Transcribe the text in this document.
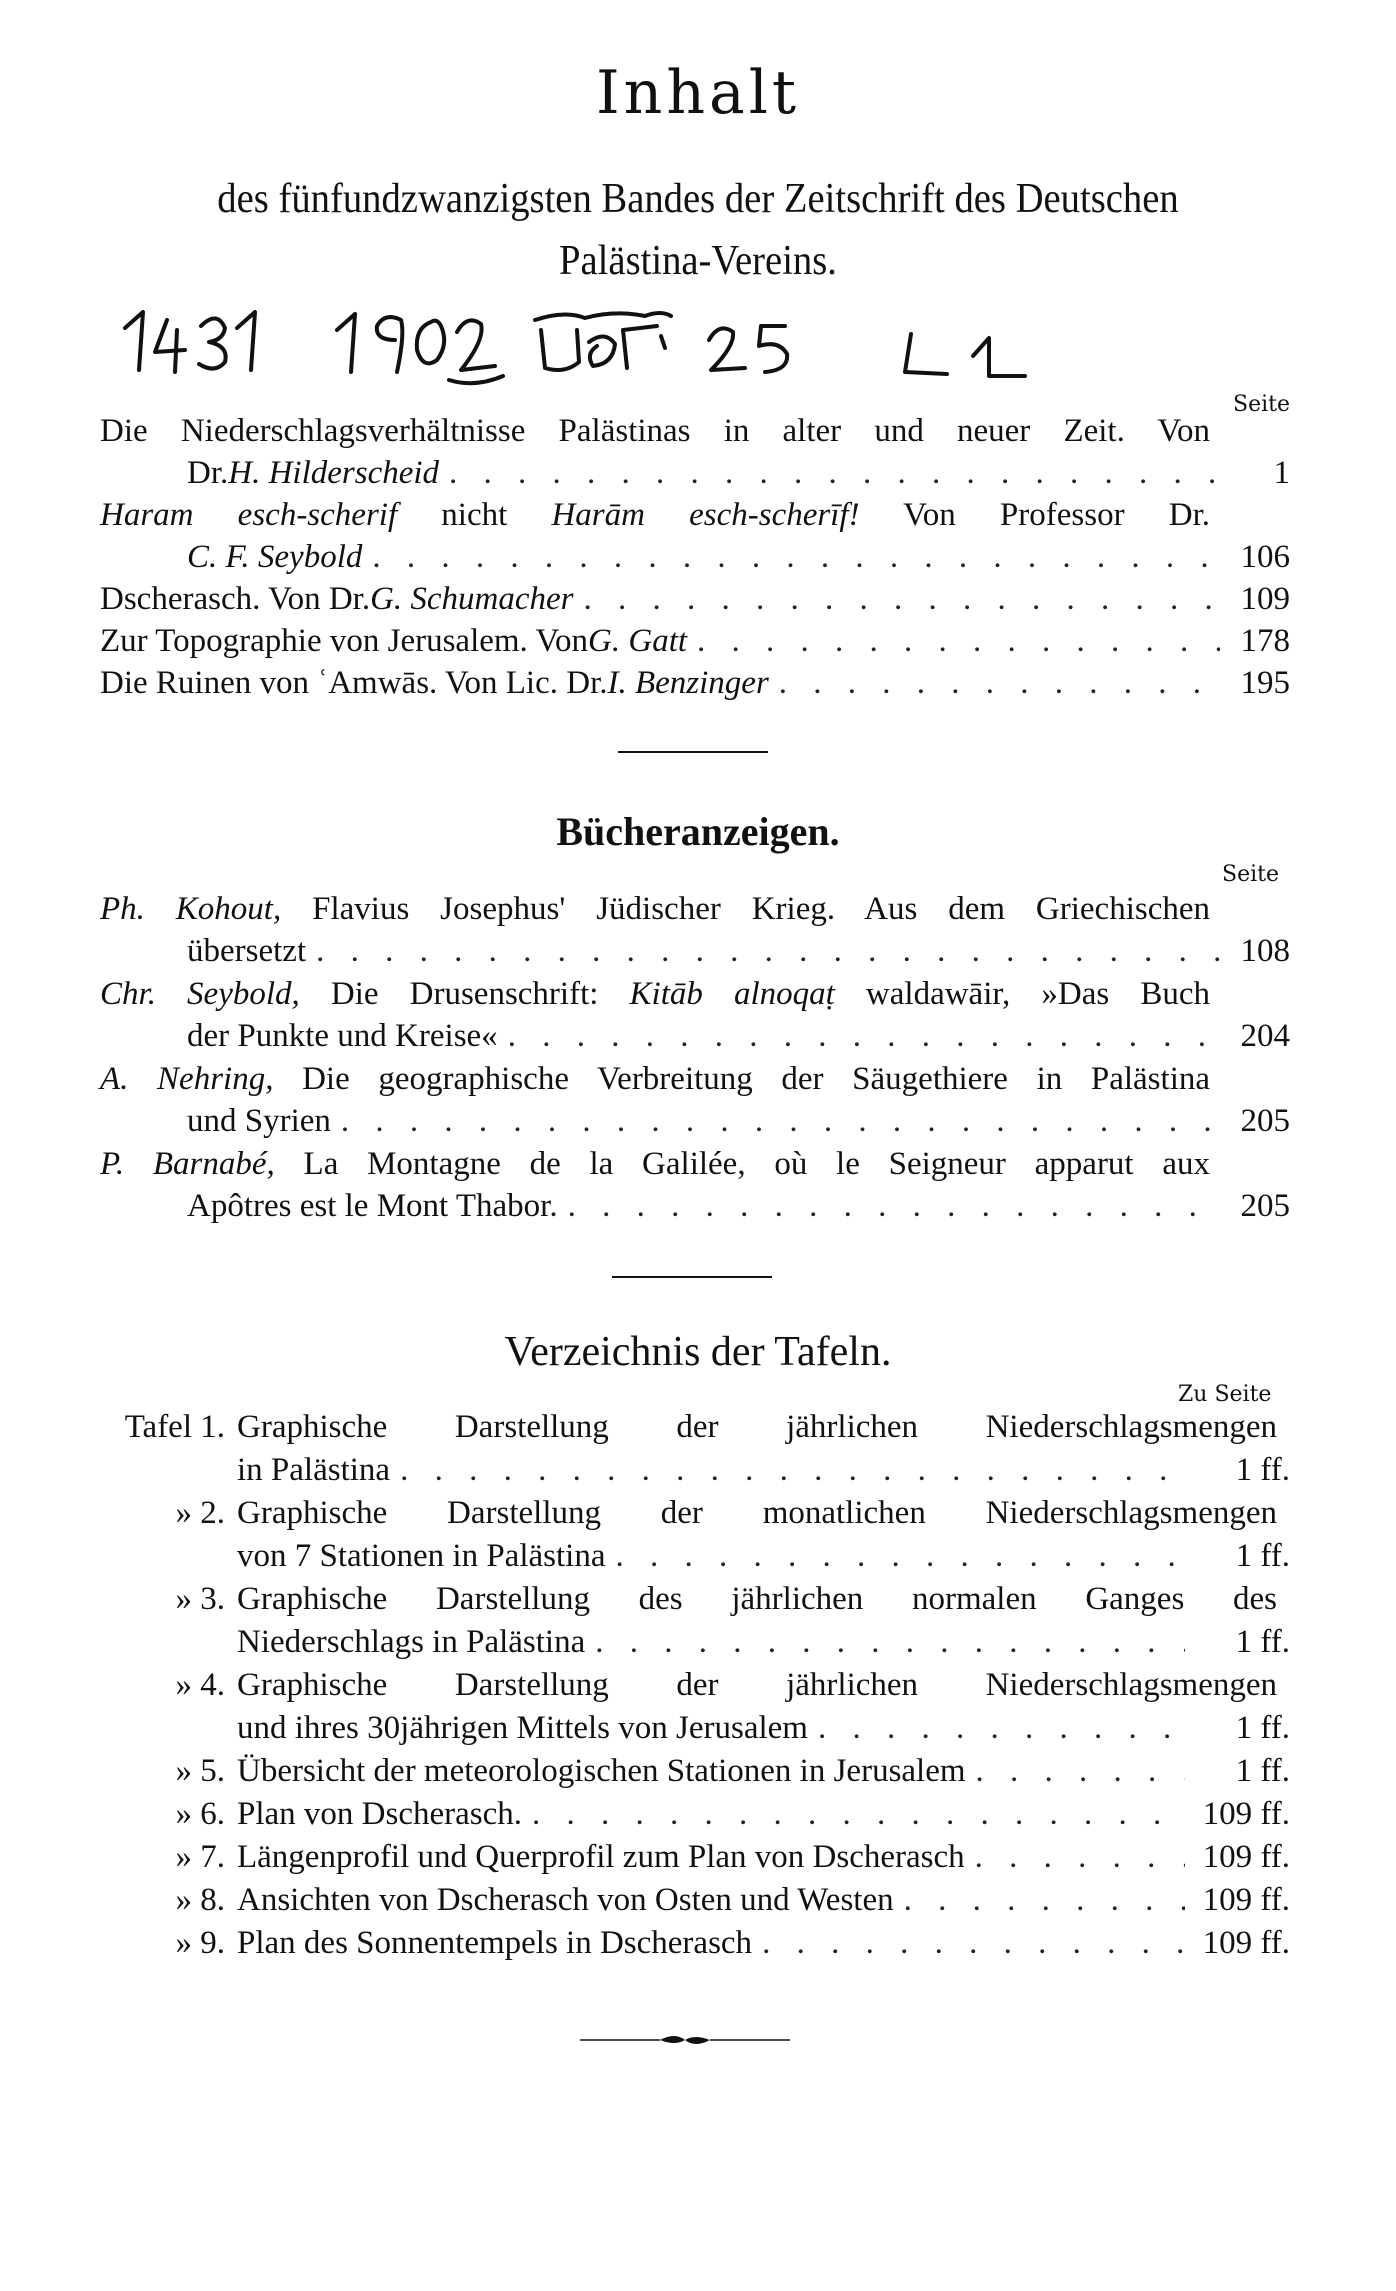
Inhalt
des fünfundzwanzigsten Bandes der Zeitschrift des Deutschen
Palästina-Vereins.
Seite
Die Niederschlagsverhältnisse Palästinas in alter und neuer Zeit. Von
Dr. H. Hilderscheid . . .	1
Haram esch-scherif nicht Harām esch-scherīf! Von Professor Dr.
C. F. Seybold . . .	106
Dscherasch. Von Dr. G. Schumacher . . .	109
Zur Topographie von Jerusalem. Von G. Gatt . . .	178
Die Ruinen von ʿAmwās. Von Lic. Dr. I. Benzinger . . .	195
Bücheranzeigen.
Seite
Ph. Kohout, Flavius Josephus' Jüdischer Krieg. Aus dem Griechischen
übersetzt . . .	108
Chr. Seybold, Die Drusenschrift: Kitāb alnoqaṭ waldawāir, »Das Buch
der Punkte und Kreise« . . .	204
A. Nehring, Die geographische Verbreitung der Säugethiere in Palästina
und Syrien . . .	205
P. Barnabé, La Montagne de la Galilée, où le Seigneur apparut aux
Apôtres est le Mont Thabor. . . .	205
Verzeichnis der Tafeln.
Zu Seite
Tafel 1. Graphische Darstellung der jährlichen Niederschlagsmengen
in Palästina . . .	1 ff.
» 2. Graphische Darstellung der monatlichen Niederschlagsmengen
von 7 Stationen in Palästina . . .	1 ff.
» 3. Graphische Darstellung des jährlichen normalen Ganges des
Niederschlags in Palästina . . .	1 ff.
» 4. Graphische Darstellung der jährlichen Niederschlagsmengen
und ihres 30jährigen Mittels von Jerusalem . . .	1 ff.
» 5. Übersicht der meteorologischen Stationen in Jerusalem . . .	1 ff.
» 6. Plan von Dscherasch. . . .	109 ff.
» 7. Längenprofil und Querprofil zum Plan von Dscherasch . . .	109 ff.
» 8. Ansichten von Dscherasch von Osten und Westen . . .	109 ff.
» 9. Plan des Sonnentempels in Dscherasch . . .	109 ff.
